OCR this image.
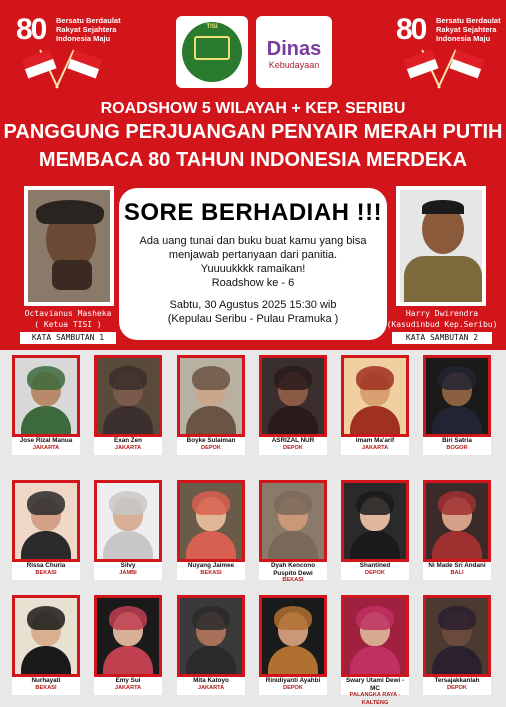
80 Bersatu Berdaulat
Rakyat Sejahtera
Indonesia Maju	80 Bersatu Berdaulat
Rakyat Sejahtera
Indonesia Maju
TISI
Dinas
Kebudayaan
ROADSHOW 5 WILAYAH + KEP. SERIBU
PANGGUNG PERJUANGAN PENYAIR MERAH PUTIH
MEMBACA 80 TAHUN INDONESIA MERDEKA
Octavianus Masheka
( Ketua TISI )
KATA SAMBUTAN 1
SORE BERHADIAH !!!
Ada uang tunai dan buku buat kamu yang bisa
menjawab pertanyaan dari panitia.
Yuuuukkkk ramaikan!
Roadshow ke - 6
Sabtu, 30 Agustus 2025 15:30 wib
(Kepulau Seribu - Pulau Pramuka )	Harry Dwirendra
(Kasudinbud Kep.Seribu)
KATA SAMBUTAN 2
Jose Rizal Manua
JAKARTA
Exan Zen
JAKARTA
Boyke Sulaiman
DEPOK
ASRIZAL NUR
DEPOK
Imam Ma'arif
JAKARTA
Biri Satria
BOGOR
Rissa Churia
BEKASI
Silvy
JAMBI
Nuyang Jaimee
BEKASI
Dyah Kencono Puspito Dewi
BEKASI
Shantined
DEPOK
Ni Made Sri Andani
BALI
Nurhayati
BEKASI
Emy Sui
JAKARTA
Mita Katoyo
JAKARTA
Rinidiyanti Ayahbi
DEPOK
Swary Utami Dewi - MC
PALANGKA RAYA - KALTENG
Tersajakkanlah
DEPOK
